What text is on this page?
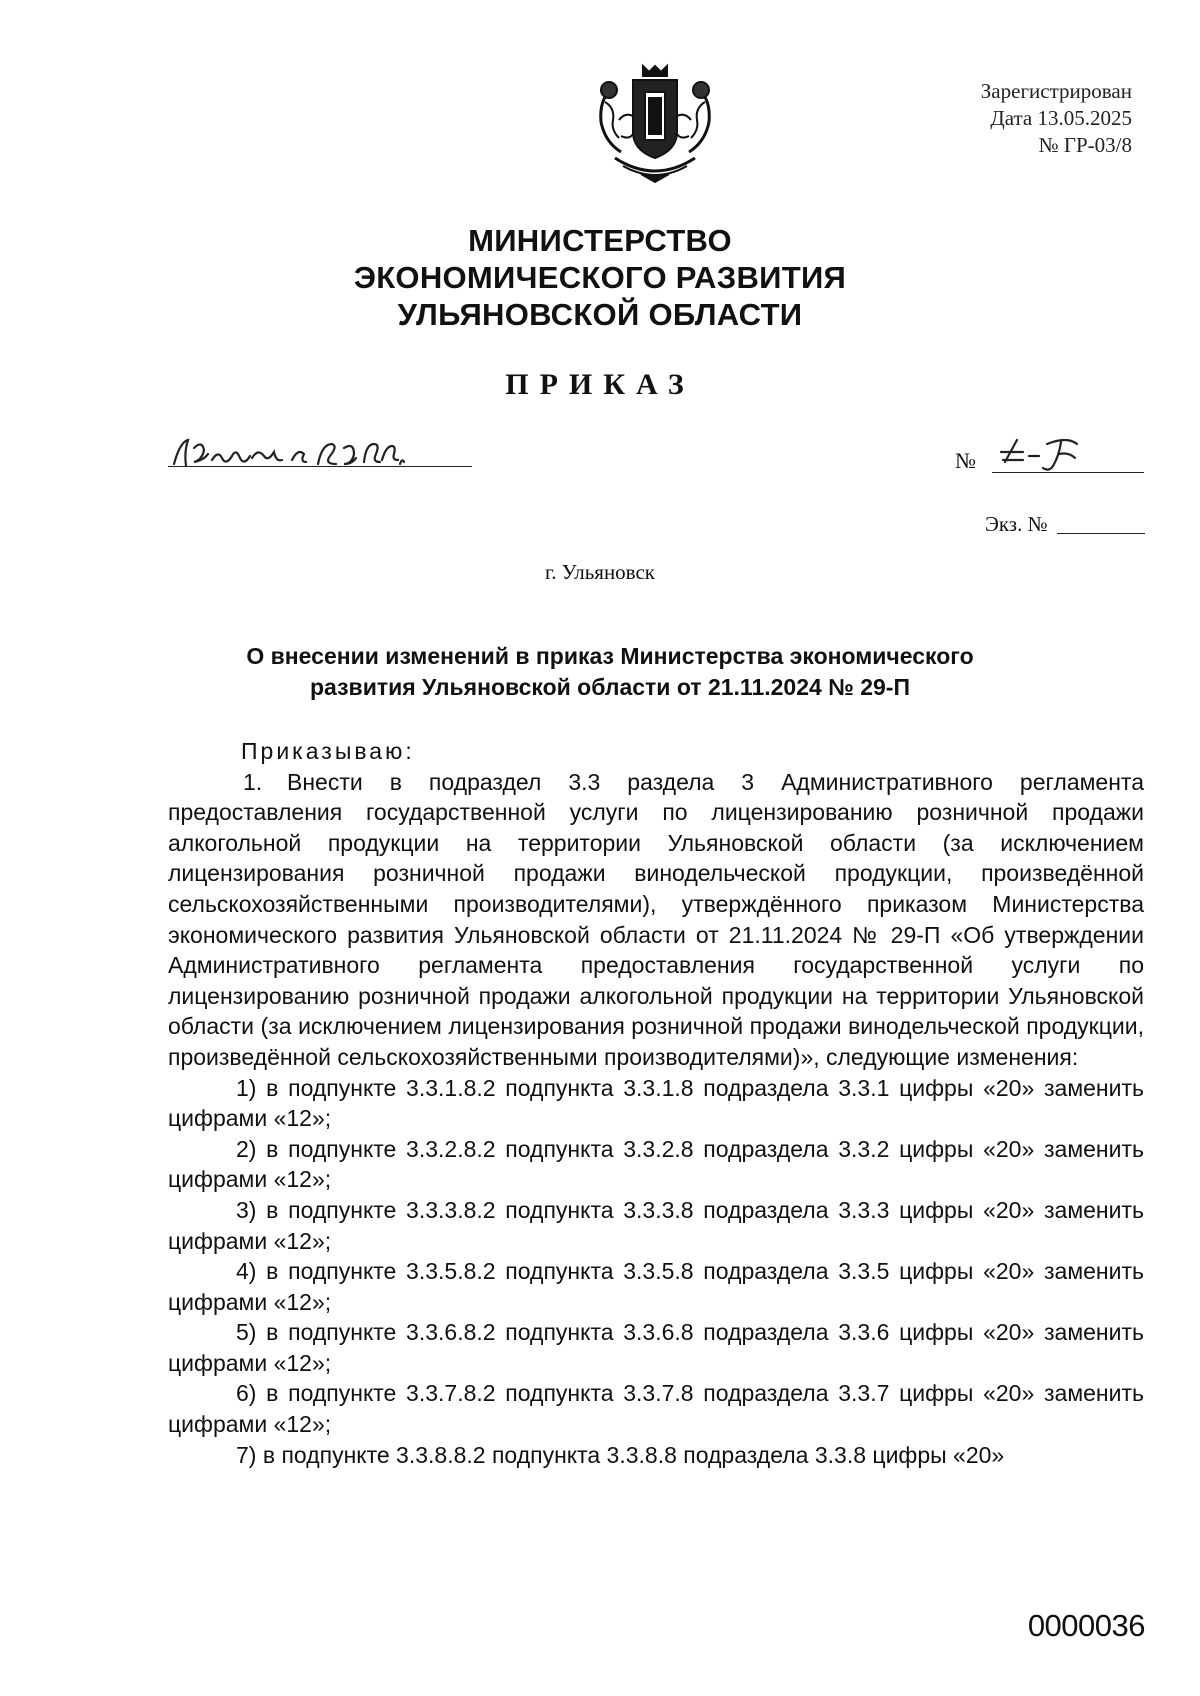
Зарегистрирован
Дата 13.05.2025
№ ГР-03/8
МИНИСТЕРСТВО
ЭКОНОМИЧЕСКОГО РАЗВИТИЯ
УЛЬЯНОВСКОЙ ОБЛАСТИ
ПРИКАЗ
№
Экз. №
г. Ульяновск
О внесении изменений в приказ Министерства экономического
развития Ульяновской области от 21.11.2024 № 29-П

Приказываю:

1. Внести в подраздел 3.3 раздела 3 Административного регламента предоставления государственной услуги по лицензированию розничной продажи алкогольной продукции на территории Ульяновской области (за исключением лицензирования розничной продажи винодельческой продукции, произведённой сельскохозяйственными производителями), утверждённого приказом Министерства экономического развития Ульяновской области от 21.11.2024 № 29-П «Об утверждении Административного регламента предоставления государственной услуги по лицензированию розничной продажи алкогольной продукции на территории Ульяновской области (за исключением лицензирования розничной продажи винодельческой продукции, произведённой сельскохозяйственными производителями)», следующие изменения:

1) в подпункте 3.3.1.8.2 подпункта 3.3.1.8 подраздела 3.3.1 цифры «20» заменить цифрами «12»;

2) в подпункте 3.3.2.8.2 подпункта 3.3.2.8 подраздела 3.3.2 цифры «20» заменить цифрами «12»;

3) в подпункте 3.3.3.8.2 подпункта 3.3.3.8 подраздела 3.3.3 цифры «20» заменить цифрами «12»;

4) в подпункте 3.3.5.8.2 подпункта 3.3.5.8 подраздела 3.3.5 цифры «20» заменить цифрами «12»;

5) в подпункте 3.3.6.8.2 подпункта 3.3.6.8 подраздела 3.3.6 цифры «20» заменить цифрами «12»;

6) в подпункте 3.3.7.8.2 подпункта 3.3.7.8 подраздела 3.3.7 цифры «20» заменить цифрами «12»;

7) в подпункте 3.3.8.8.2 подпункта 3.3.8.8 подраздела 3.3.8 цифры «20»

0000036
